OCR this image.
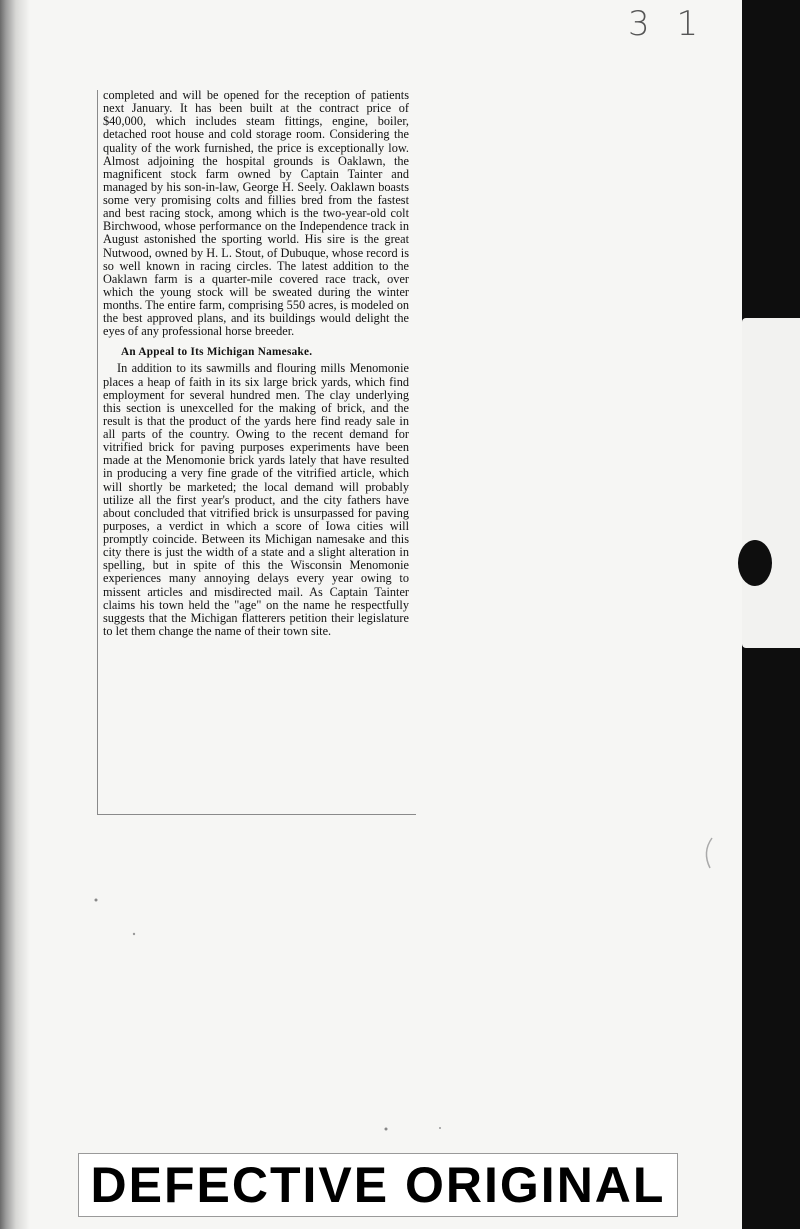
3 1

completed and will be opened for the reception of patients next January. It has been built at the contract price of $40,000, which includes steam fittings, engine, boiler, detached root house and cold storage room. Considering the quality of the work furnished, the price is exceptionally low. Almost adjoining the hospital grounds is Oaklawn, the magnificent stock farm owned by Captain Tainter and managed by his son-in-law, George H. Seely. Oaklawn boasts some very promising colts and fillies bred from the fastest and best racing stock, among which is the two-year-old colt Birchwood, whose performance on the Independence track in August astonished the sporting world. His sire is the great Nutwood, owned by H. L. Stout, of Dubuque, whose record is so well known in racing circles. The latest addition to the Oaklawn farm is a quarter-mile covered race track, over which the young stock will be sweated during the winter months. The entire farm, comprising 550 acres, is modeled on the best approved plans, and its buildings would delight the eyes of any professional horse breeder.

An Appeal to Its Michigan Namesake.

In addition to its sawmills and flouring mills Menomonie places a heap of faith in its six large brick yards, which find employment for several hundred men. The clay underlying this section is unexcelled for the making of brick, and the result is that the product of the yards here find ready sale in all parts of the country. Owing to the recent demand for vitrified brick for paving purposes experiments have been made at the Menomonie brick yards lately that have resulted in producing a very fine grade of the vitrified article, which will shortly be marketed; the local demand will probably utilize all the first year's product, and the city fathers have about concluded that vitrified brick is unsurpassed for paving purposes, a verdict in which a score of Iowa cities will promptly coincide. Between its Michigan namesake and this city there is just the width of a state and a slight alteration in spelling, but in spite of this the Wisconsin Menomonie experiences many annoying delays every year owing to missent articles and misdirected mail. As Captain Tainter claims his town held the "age" on the name he respectfully suggests that the Michigan flatterers petition their legislature to let them change the name of their town site.

DEFECTIVE ORIGINAL
